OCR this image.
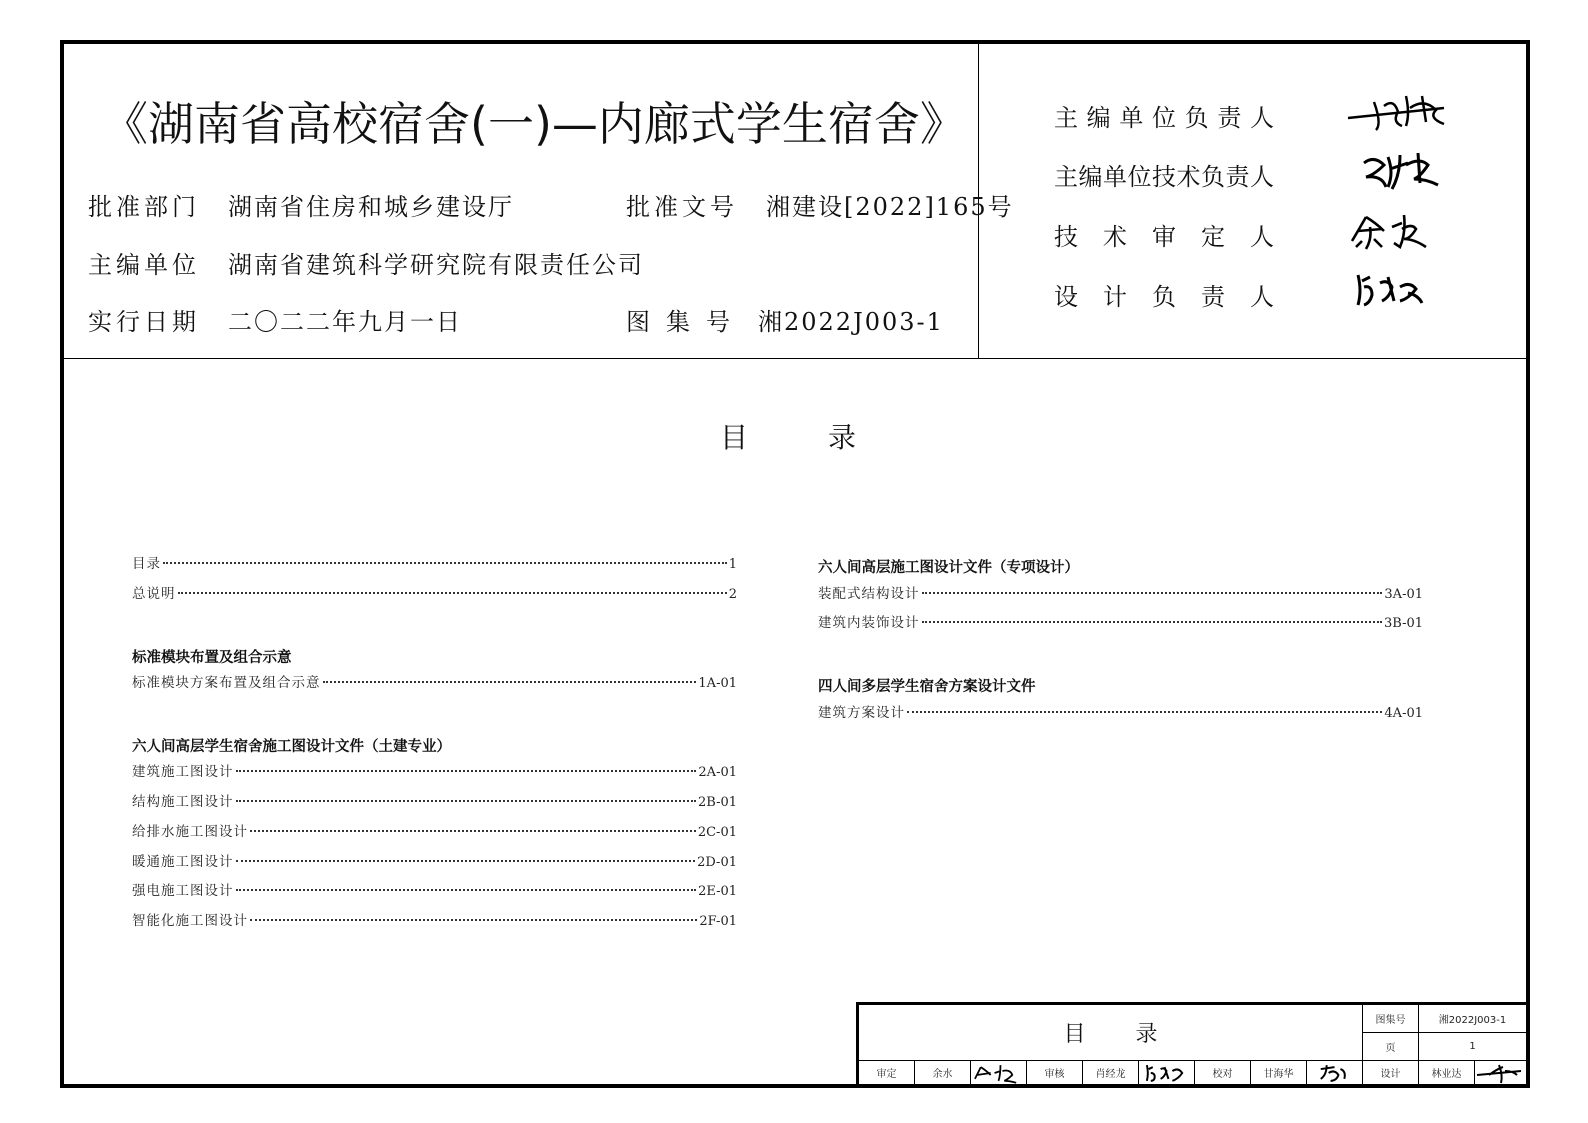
《湖南省高校宿舍(一)—内廊式学生宿舍》
批准部门 湖南省住房和城乡建设厅	批准文号 湘建设[2022]165号
主编单位 湖南省建筑科学研究院有限责任公司
实行日期 二〇二二年九月一日	图集号 湘2022J003-1
主编单位负责人
主编单位技术负责人
技术审定人
设计负责人
目	录
目录	1
总说明	2
标准模块布置及组合示意
标准模块方案布置及组合示意	1A-01
六人间高层学生宿舍施工图设计文件（土建专业）
建筑施工图设计	2A-01
结构施工图设计	2B-01
给排水施工图设计	2C-01
暖通施工图设计	2D-01
强电施工图设计	2E-01
智能化施工图设计	2F-01
六人间高层施工图设计文件（专项设计）
装配式结构设计	3A-01
建筑内装饰设计	3B-01
四人间多层学生宿舍方案设计文件
建筑方案设计	4A-01
目 录
图集号	湘2022J003-1
页	1
审定	余水	审核	肖经龙	校对	甘海华	设计	林业达
